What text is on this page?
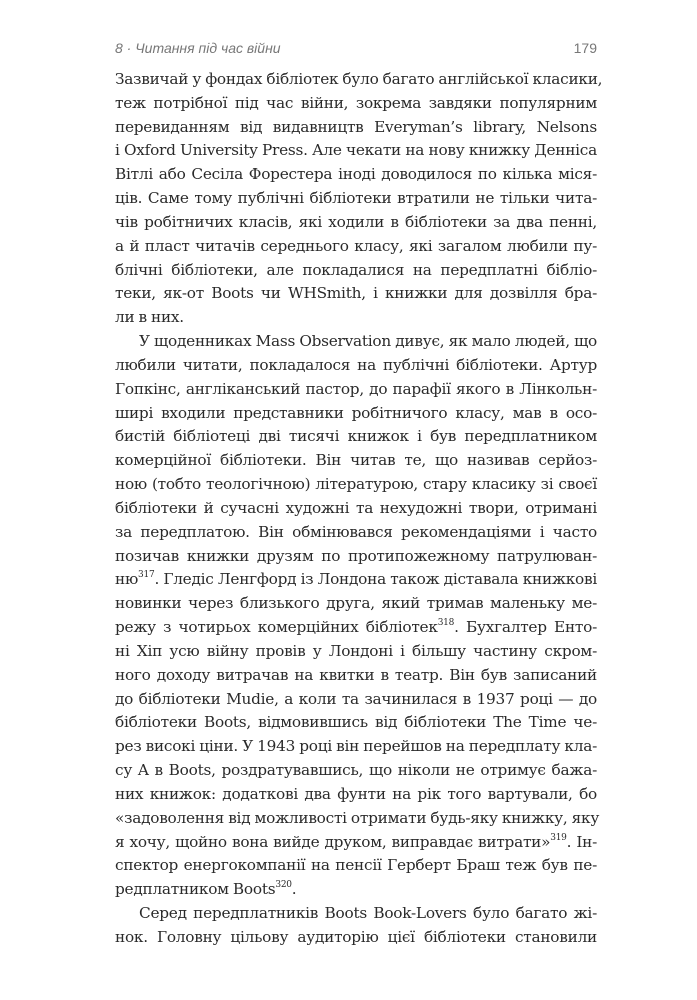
8 · Читання під час війни	179
Зазвичай у фондах бібліотек було багато англійської класики,
теж потрібної під час війни, зокрема завдяки популярним
перевиданням від видавництв Everyman’s library, Nelsons
і Oxford University Press. Але чекати на нову книжку Денніса
Вітлі або Сесіла Форестера іноді доводилося по кілька міся-
ців. Саме тому публічні бібліотеки втратили не тільки чита-
чів робітничих класів, які ходили в бібліотеки за два пенні,
а й пласт читачів середнього класу, які загалом любили пу-
блічні бібліотеки, але покладалися на передплатні бібліо-
теки, як-от Boots чи WHSmith, і книжки для дозвілля бра-
ли в них.
У щоденниках Mass Observation дивує, як мало людей, що
любили читати, покладалося на публічні бібліотеки. Артур
Гопкінс, англіканський пастор, до парафії якого в Лінкольн-
ширі входили представники робітничого класу, мав в осо-
бистій бібліотеці дві тисячі книжок і був передплатником
комерційної бібліотеки. Він читав те, що називав серйоз-
ною (тобто теологічною) літературою, стару класику зі своєї
бібліотеки й сучасні художні та нехудожні твори, отримані
за передплатою. Він обмінювався рекомендаціями і часто
позичав книжки друзям по протипожежному патрулюван-
$ню^{317}$. Гледіс Ленгфорд із Лондона також діставала книжкові
новинки через близького друга, який тримав маленьку ме-
режу з чотирьох комерційних бібліотек$^{318}$. Бухгалтер Енто-
ні Хіп усю війну провів у Лондоні і більшу частину скром-
ного доходу витрачав на квитки в театр. Він був записаний
до бібліотеки Mudie, а коли та зачинилася в 1937 році — до
бібліотеки Boots, відмовившись від бібліотеки The Time че-
рез високі ціни. У 1943 році він перейшов на передплату кла-
су A в Boots, роздратувавшись, що ніколи не отримує бажа-
них книжок: додаткові два фунти на рік того вартували, бо
«задоволення від можливості отримати будь-яку книжку, яку
я хочу, щойно вона вийде друком, виправдає витрати»$^{319}$. Ін-
спектор енергокомпанії на пенсії Герберт Браш теж був пе-
редплатником Boots$^{320}$.
Серед передплатників Boots Book-Lovers було багато жі-
нок. Головну цільову аудиторію цієї бібліотеки становили
